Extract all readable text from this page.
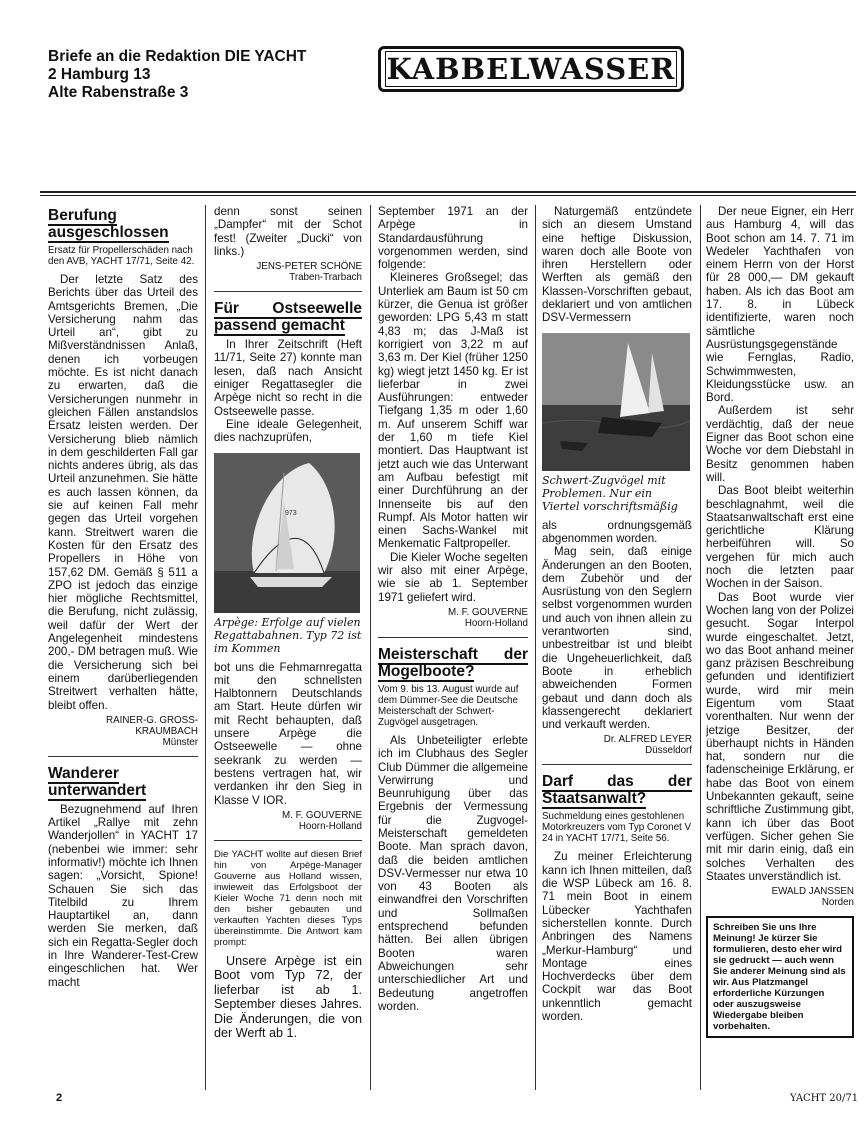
Briefe an die Redaktion DIE YACHT
2 Hamburg 13
Alte Rabenstraße 3
KABBELWASSER
Berufung ausgeschlossen
Ersatz für Propellerschäden nach den AVB, YACHT 17/71, Seite 42.

Der letzte Satz des Berichts über das Urteil des Amtsgerichts Bremen, „Die Versicherung nahm das Urteil an“, gibt zu Mißverständnissen Anlaß, denen ich vorbeugen möchte. Es ist nicht danach zu erwarten, daß die Versicherungen nunmehr in gleichen Fällen anstandslos Ersatz leisten werden. Der Versicherung blieb nämlich in dem geschilderten Fall gar nichts anderes übrig, als das Urteil anzunehmen. Sie hätte es auch lassen können, da sie auf keinen Fall mehr gegen das Urteil vorgehen kann. Streitwert waren die Kosten für den Ersatz des Propellers in Höhe von 157,62 DM. Gemäß § 511 a ZPO ist jedoch das einzige hier mögliche Rechtsmittel, die Berufung, nicht zulässig, weil dafür der Wert der Angelegenheit mindestens 200,- DM betragen muß. Wie die Versicherung sich bei einem darüberliegenden Streitwert verhalten hätte, bleibt offen.

RAINER-G. GROSS-KRAUMBACH
Münster
Wanderer unterwandert

Bezugnehmend auf Ihren Artikel „Rallye mit zehn Wanderjollen“ in YACHT 17 (nebenbei wie immer: sehr informativ!) möchte ich Ihnen sagen: „Vorsicht, Spione! Schauen Sie sich das Titelbild zu Ihrem Hauptartikel an, dann werden Sie merken, daß sich ein Regatta-Segler doch in Ihre Wanderer-Test-Crew eingeschlichen hat. Wer macht

denn sonst seinen „Dampfer“ mit der Schot fest! (Zweiter „Ducki“ von links.)

JENS-PETER SCHÖNE
Traben-Trarbach
Für Ostseewelle passend gemacht

In Ihrer Zeitschrift (Heft 11/71, Seite 27) konnte man lesen, daß nach Ansicht einiger Regattasegler die Arpège nicht so recht in die Ostseewelle passe.

Eine ideale Gelegenheit, dies nachzuprüfen,

973
Arpège: Erfolge auf vielen Regattabahnen. Typ 72 ist im Kommen

bot uns die Fehmarnregatta mit den schnellsten Halbtonnern Deutschlands am Start. Heute dürfen wir mit Recht behaupten, daß unsere Arpège die Ostseewelle — ohne seekrank zu werden — bestens vertragen hat, wir verdanken ihr den Sieg in Klasse V IOR.

M. F. GOUVERNE
Hoorn-Holland
Die YACHT wollte auf diesen Brief hin von Arpège-Manager Gouverne aus Holland wissen, inwieweit das Erfolgsboot der Kieler Woche 71 denn noch mit den bisher gebauten und verkauften Yachten dieses Typs übereinstimmte. Die Antwort kam prompt:

Unsere Arpège ist ein Boot vom Typ 72, der lieferbar ist ab 1. September dieses Jahres. Die Änderungen, die von der Werft ab 1.

September 1971 an der Arpège in Standardausführung vorgenommen werden, sind folgende:

Kleineres Großsegel; das Unterliek am Baum ist 50 cm kürzer, die Genua ist größer geworden: LPG 5,43 m statt 4,83 m; das J-Maß ist korrigiert von 3,22 m auf 3,63 m. Der Kiel (früher 1250 kg) wiegt jetzt 1450 kg. Er ist lieferbar in zwei Ausführungen: entweder Tiefgang 1,35 m oder 1,60 m. Auf unserem Schiff war der 1,60 m tiefe Kiel montiert. Das Hauptwant ist jetzt auch wie das Unterwant am Aufbau befestigt mit einer Durchführung an der Innenseite bis auf den Rumpf. Als Motor hatten wir einen Sachs-Wankel mit Menkematic Faltpropeller.

Die Kieler Woche segelten wir also mit einer Arpège, wie sie ab 1. September 1971 geliefert wird.

M. F. GOUVERNE
Hoorn-Holland
Meisterschaft der Mogelboote?
Vom 9. bis 13. August wurde auf dem Dümmer-See die Deutsche Meisterschaft der Schwert-Zugvögel ausgetragen.

Als Unbeteiligter erlebte ich im Clubhaus des Segler Club Dümmer die allgemeine Verwirrung und Beunruhigung über das Ergebnis der Vermessung für die Zugvogel-Meisterschaft gemeldeten Boote. Man sprach davon, daß die beiden amtlichen DSV-Vermesser nur etwa 10 von 43 Booten als einwandfrei den Vorschriften und Sollmaßen entsprechend befunden hätten. Bei allen übrigen Booten waren Abweichungen sehr unterschiedlicher Art und Bedeutung angetroffen worden.

Naturgemäß entzündete sich an diesem Umstand eine heftige Diskussion, waren doch alle Boote von ihren Herstellern oder Werften als gemäß den Klassen-Vorschriften gebaut, deklariert und von amtlichen DSV-Vermessern

Schwert-Zugvögel mit Problemen. Nur ein Viertel vorschriftsmäßig

als ordnungsgemäß abgenommen worden.

Mag sein, daß einige Änderungen an den Booten, dem Zubehör und der Ausrüstung von den Seglern selbst vorgenommen wurden und auch von ihnen allein zu verantworten sind, unbestreitbar ist und bleibt die Ungeheuerlichkeit, daß Boote in erheblich abweichenden Formen gebaut und dann doch als klassengerecht deklariert und verkauft werden.

Dr. ALFRED LEYER
Düsseldorf
Darf das der Staatsanwalt?
Suchmeldung eines gestohlenen Motorkreuzers vom Typ Coronet V 24 in YACHT 17/71, Seite 56.

Zu meiner Erleichterung kann ich Ihnen mitteilen, daß die WSP Lübeck am 16. 8. 71 mein Boot in einem Lübecker Yachthafen sicherstellen konnte. Durch Anbringen des Namens „Merkur-Hamburg“ und Montage eines Hochverdecks über dem Cockpit war das Boot unkenntlich gemacht worden.

Der neue Eigner, ein Herr aus Hamburg 4, will das Boot schon am 14. 7. 71 im Wedeler Yachthafen von einem Herrn von der Horst für 28 000,— DM gekauft haben. Als ich das Boot am 17. 8. in Lübeck identifizierte, waren noch sämtliche Ausrüstungsgegenstände wie Fernglas, Radio, Schwimmwesten, Kleidungsstücke usw. an Bord.

Außerdem ist sehr verdächtig, daß der neue Eigner das Boot schon eine Woche vor dem Diebstahl in Besitz genommen haben will.

Das Boot bleibt weiterhin beschlagnahmt, weil die Staatsanwaltschaft erst eine gerichtliche Klärung herbeiführen will. So vergehen für mich auch noch die letzten paar Wochen in der Saison.

Das Boot wurde vier Wochen lang von der Polizei gesucht. Sogar Interpol wurde eingeschaltet. Jetzt, wo das Boot anhand meiner ganz präzisen Beschreibung gefunden und identifiziert wurde, wird mir mein Eigentum vom Staat vorenthalten. Nur wenn der jetzige Besitzer, der überhaupt nichts in Händen hat, sondern nur die fadenscheinige Erklärung, er habe das Boot von einem Unbekannten gekauft, seine schriftliche Zustimmung gibt, kann ich über das Boot verfügen. Sicher gehen Sie mit mir darin einig, daß ein solches Verhalten des Staates unverständlich ist.

EWALD JANSSEN
Norden
Schreiben Sie uns Ihre Meinung! Je kürzer Sie formulieren, desto eher wird sie gedruckt — auch wenn Sie anderer Meinung sind als wir. Aus Platzmangel erforderliche Kürzungen oder auszugsweise Wiedergabe bleiben vorbehalten.
2	YACHT 20/71
